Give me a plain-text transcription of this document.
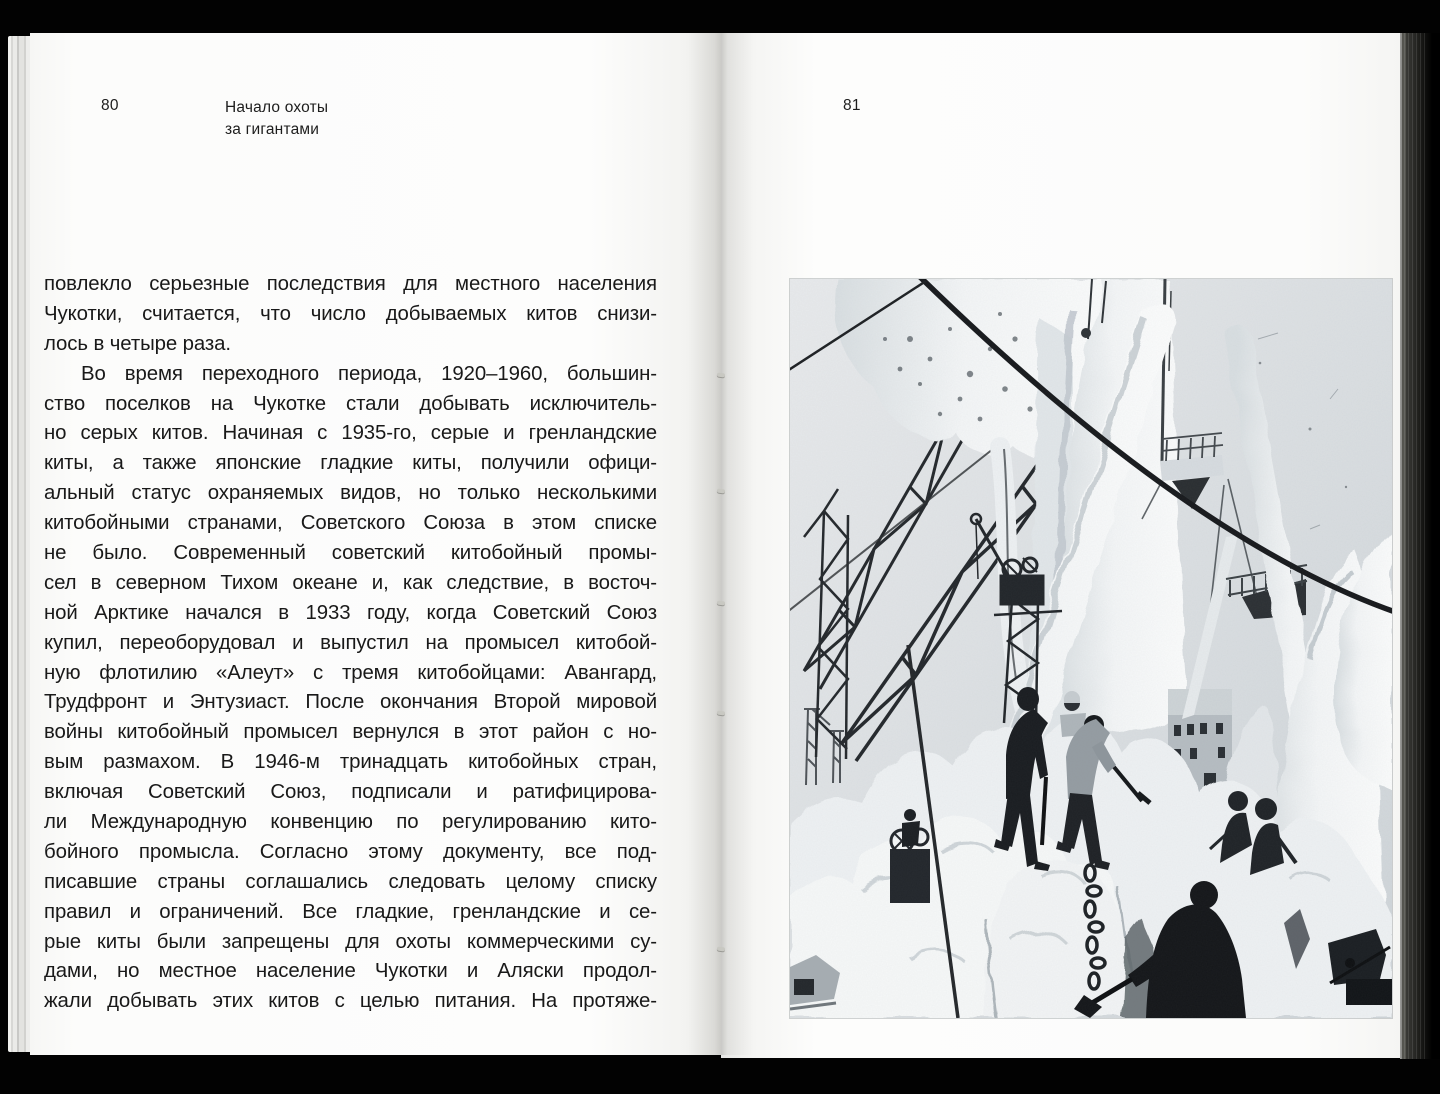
80	Начало охоты
за гигантами
повлекло серьезные последствия для местного населения
Чукотки, считается, что число добываемых китов снизи-
лось в четыре раза.
Во время переходного периода, 1920–1960, большин-
ство поселков на Чукотке стали добывать исключитель-
но серых китов. Начиная с 1935-го, серые и гренландские
киты, а также японские гладкие киты, получили офици-
альный статус охраняемых видов, но только несколькими
китобойными странами, Советского Союза в этом списке
не было. Современный советский китобойный промы-
сел в северном Тихом океане и, как следствие, в восточ-
ной Арктике начался в 1933 году, когда Советский Союз
купил, переоборудовал и выпустил на промысел китобой-
ную флотилию «Алеут» с тремя китобойцами: Авангард,
Трудфронт и Энтузиаст. После окончания Второй мировой
войны китобойный промысел вернулся в этот район с но-
вым размахом. В 1946-м тринадцать китобойных стран,
включая Советский Союз, подписали и ратифицирова-
ли Международную конвенцию по регулированию кито-
бойного промысла. Согласно этому документу, все под-
писавшие страны соглашались следовать целому списку
правил и ограничений. Все гладкие, гренландские и се-
рые киты были запрещены для охоты коммерческими су-
дами, но местное население Чукотки и Аляски продол-
жали добывать этих китов с целью питания. На протяже-
81
